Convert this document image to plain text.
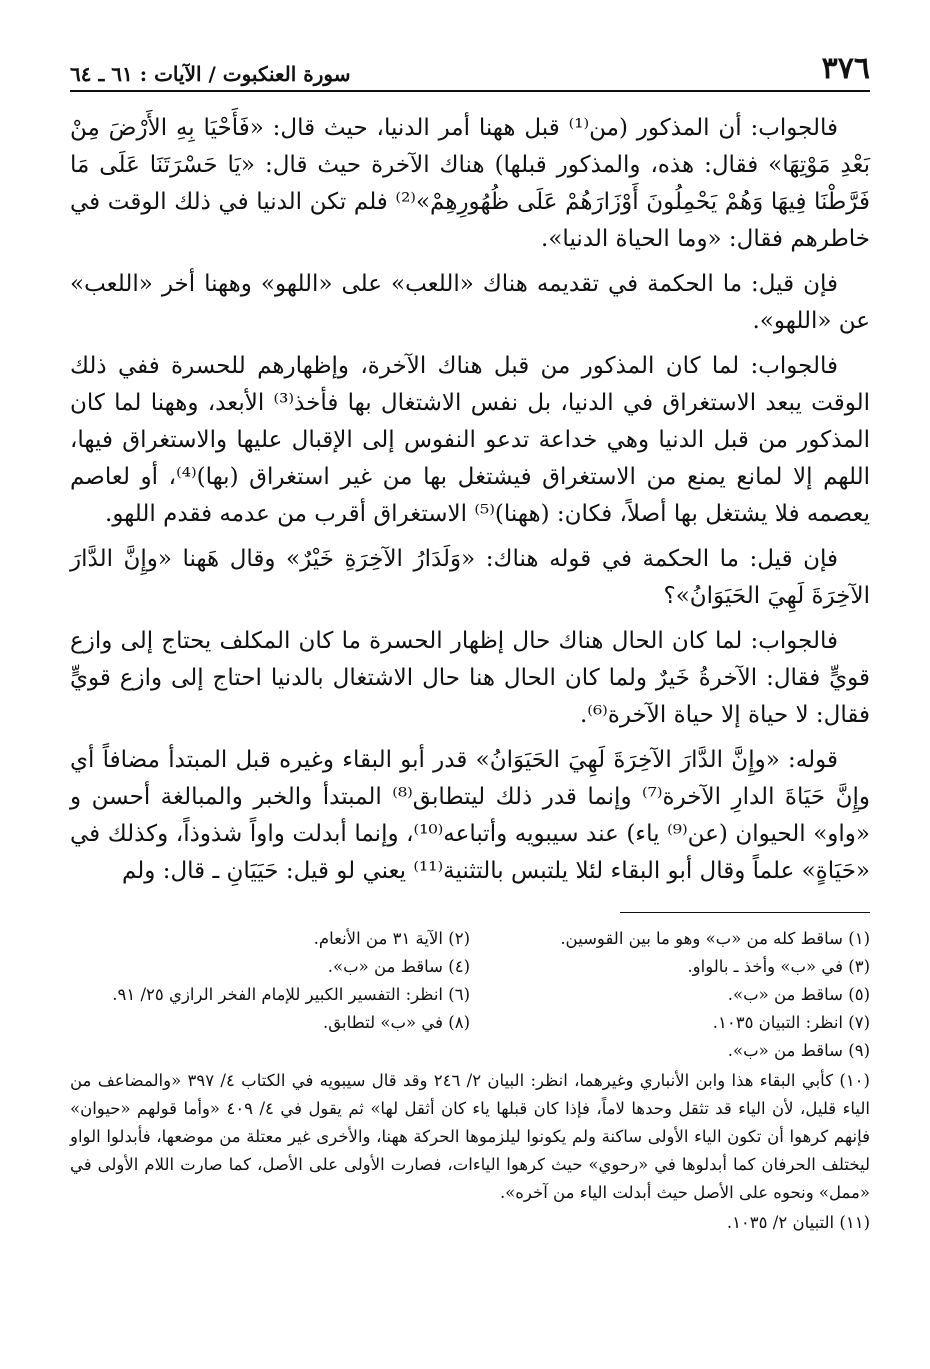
٣٧٦
سورة العنكبوت / الآيات : ٦١ ـ ٦٤

فالجواب: أن المذكور (من⁽¹⁾ قبل ههنا أمر الدنيا، حيث قال: «فَأَحْيَا بِهِ الأَرْضَ مِنْ بَعْدِ مَوْتِهَا» فقال: هذه، والمذكور قبلها) هناك الآخرة حيث قال: «يَا حَسْرَتَنَا عَلَى مَا فَرَّطْنَا فِيهَا وَهُمْ يَحْمِلُونَ أَوْزَارَهُمْ عَلَى ظُهُورِهِمْ»⁽²⁾ فلم تكن الدنيا في ذلك الوقت في خاطرهم فقال: «وما الحياة الدنيا».

فإن قيل: ما الحكمة في تقديمه هناك «اللعب» على «اللهو» وههنا أخر «اللعب» عن «اللهو».

فالجواب: لما كان المذكور من قبل هناك الآخرة، وإظهارهم للحسرة ففي ذلك الوقت يبعد الاستغراق في الدنيا، بل نفس الاشتغال بها فأخذ⁽³⁾ الأبعد، وههنا لما كان المذكور من قبل الدنيا وهي خداعة تدعو النفوس إلى الإقبال عليها والاستغراق فيها، اللهم إلا لمانع يمنع من الاستغراق فيشتغل بها من غير استغراق (بها)⁽⁴⁾، أو لعاصم يعصمه فلا يشتغل بها أصلاً، فكان: (ههنا)⁽⁵⁾ الاستغراق أقرب من عدمه فقدم اللهو.

فإن قيل: ما الحكمة في قوله هناك: «وَلَدَارُ الآخِرَةِ خَيْرٌ» وقال هَهنا «وإِنَّ الدَّارَ الآخِرَةَ لَهِيَ الحَيَوَانُ»؟

فالجواب: لما كان الحال هناك حال إظهار الحسرة ما كان المكلف يحتاج إلى وازع قويٍّ فقال: الآخرةُ خَيرٌ ولما كان الحال هنا حال الاشتغال بالدنيا احتاج إلى وازع قويٍّ فقال: لا حياة إلا حياة الآخرة⁽⁶⁾.

قوله: «وإِنَّ الدَّارَ الآخِرَةَ لَهِيَ الحَيَوَانُ» قدر أبو البقاء وغيره قبل المبتدأ مضافاً أي وإِنَّ حَيَاةَ الدارِ الآخرة⁽⁷⁾ وإنما قدر ذلك ليتطابق⁽⁸⁾ المبتدأ والخبر والمبالغة أحسن و «واو» الحيوان (عن⁽⁹⁾ ياء) عند سيبويه وأتباعه⁽¹⁰⁾، وإنما أبدلت واواً شذوذاً، وكذلك في «حَيَاةٍ» علماً وقال أبو البقاء لئلا يلتبس بالتثنية⁽¹¹⁾ يعني لو قيل: حَيَيَانِ ـ قال: ولم

(١) ساقط كله من «ب» وهو ما بين القوسين.
(٢) الآية ٣١ من الأنعام.
(٣) في «ب» وأخذ ـ بالواو.
(٤) ساقط من «ب».
(٥) ساقط من «ب».
(٦) انظر: التفسير الكبير للإمام الفخر الرازي ٢٥/ ٩١.
(٧) انظر: التبيان ١٠٣٥.
(٨) في «ب» لتطابق.
(٩) ساقط من «ب».
(١٠) كأبي البقاء هذا وابن الأنباري وغيرهما، انظر: البيان ٢/ ٢٤٦ وقد قال سيبويه في الكتاب ٤/ ٣٩٧ «والمضاعف من الياء قليل، لأن الياء قد تثقل وحدها لاماً، فإذا كان قبلها ياء كان أثقل لها» ثم يقول في ٤/ ٤٠٩ «وأما قولهم «حيوان» فإنهم كرهوا أن تكون الياء الأولى ساكنة ولم يكونوا ليلزموها الحركة ههنا، والأخرى غير معتلة من موضعها، فأبدلوا الواو ليختلف الحرفان كما أبدلوها في «رحوي» حيث كرهوا الياءات، فصارت الأولى على الأصل، كما صارت اللام الأولى في «ممل» ونحوه على الأصل حيث أبدلت الياء من آخره».
(١١) التبيان ٢/ ١٠٣٥.
